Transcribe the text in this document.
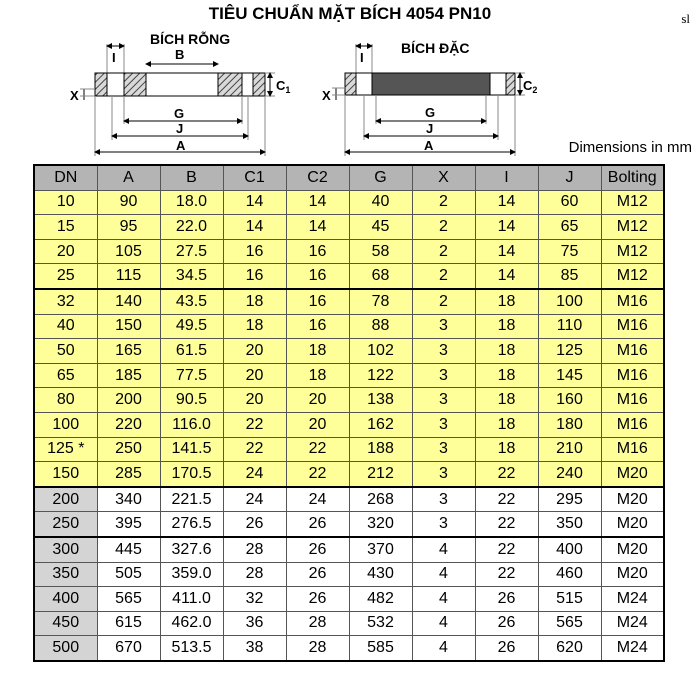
TIÊU CHUẨN MẶT BÍCH 4054 PN10	sl
BÍCH RỖNG
I	B
X
$C_1$
G
J
A
BÍCH ĐẶC
I
X
$C_2$
G
J
A	Dimensions in mm
DN	A	B	C1	C2	G	X	I	J	Bolting
10	90	18.0	14	14	40	2	14	60	M12
15	95	22.0	14	14	45	2	14	65	M12
20	105	27.5	16	16	58	2	14	75	M12
25	115	34.5	16	16	68	2	14	85	M12
32	140	43.5	18	16	78	2	18	100	M16
40	150	49.5	18	16	88	3	18	110	M16
50	165	61.5	20	18	102	3	18	125	M16
65	185	77.5	20	18	122	3	18	145	M16
80	200	90.5	20	20	138	3	18	160	M16
100	220	116.0	22	20	162	3	18	180	M16
125 *	250	141.5	22	22	188	3	18	210	M16
150	285	170.5	24	22	212	3	22	240	M20
200	340	221.5	24	24	268	3	22	295	M20
250	395	276.5	26	26	320	3	22	350	M20
300	445	327.6	28	26	370	4	22	400	M20
350	505	359.0	28	26	430	4	22	460	M20
400	565	411.0	32	26	482	4	26	515	M24
450	615	462.0	36	28	532	4	26	565	M24
500	670	513.5	38	28	585	4	26	620	M24
